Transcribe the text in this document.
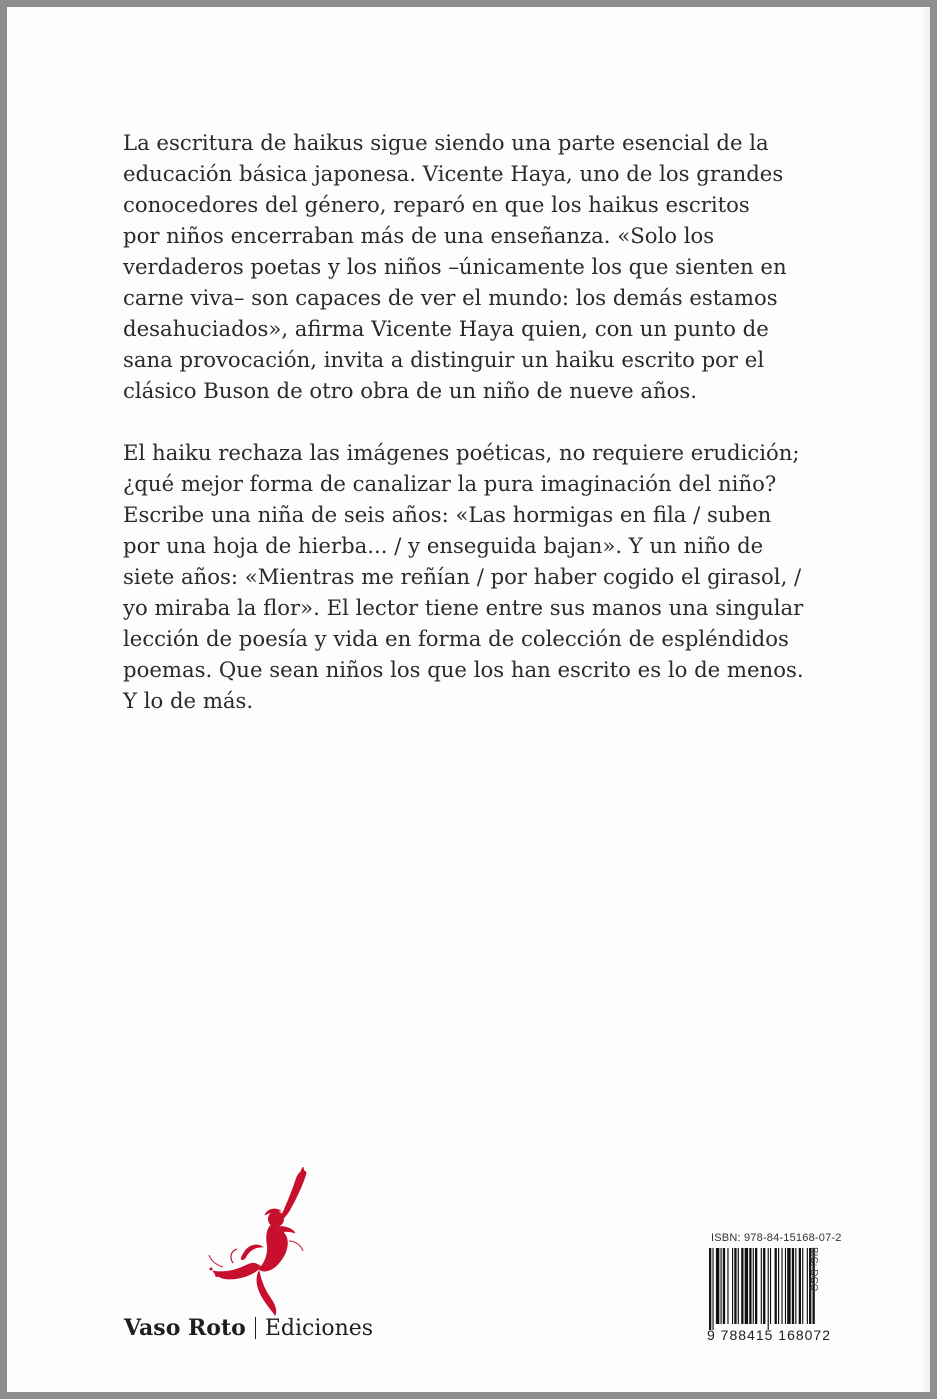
La escritura de haikus sigue siendo una parte esencial de la
educación básica japonesa. Vicente Haya, uno de los grandes
conocedores del género, reparó en que los haikus escritos
por niños encerraban más de una enseñanza. «Solo los
verdaderos poetas y los niños –únicamente los que sienten en
carne viva– son capaces de ver el mundo: los demás estamos
desahuciados», afirma Vicente Haya quien, con un punto de
sana provocación, invita a distinguir un haiku escrito por el
clásico Buson de otro obra de un niño de nueve años.

El haiku rechaza las imágenes poéticas, no requiere erudición;
¿qué mejor forma de canalizar la pura imaginación del niño?
Escribe una niña de seis años: «Las hormigas en fila / suben
por una hoja de hierba... / y enseguida bajan». Y un niño de
siete años: «Mientras me reñían / por haber cogido el girasol, /
yo miraba la flor». El lector tiene entre sus manos una singular
lección de poesía y vida en forma de colección de espléndidos
poemas. Que sean niños los que los han escrito es lo de menos.
Y lo de más.

Vaso Roto Ediciones
ISBN: 978-84-15168-07-2
9 788415 168072
BIC: DCQ
